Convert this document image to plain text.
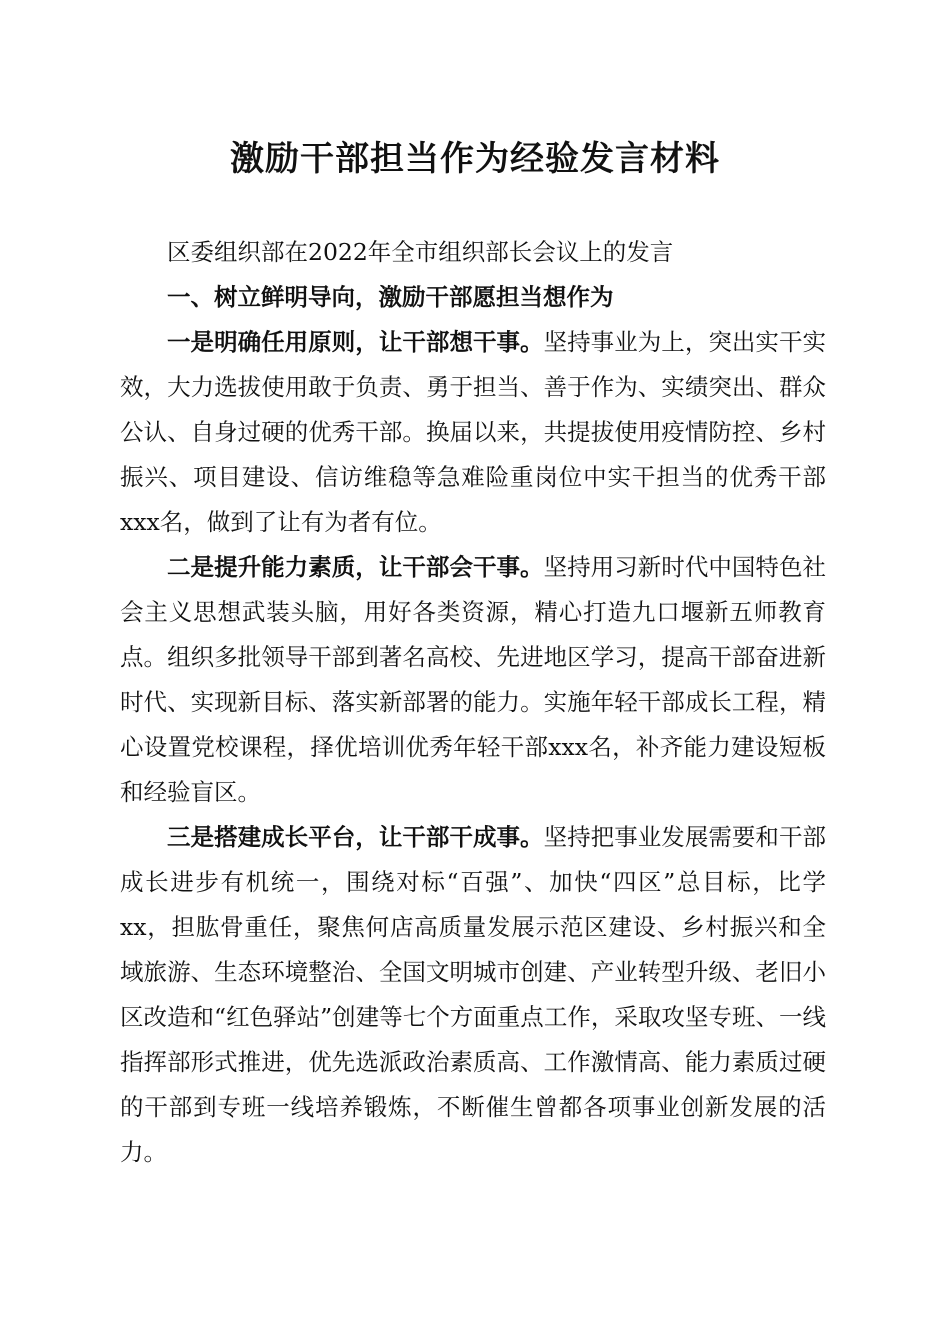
激励干部担当作为经验发言材料

区委组织部在2022年全市组织部长会议上的发言

一、树立鲜明导向，激励干部愿担当想作为

一是明确任用原则，让干部想干事。坚持事业为上，突出实干实效，大力选拔使用敢于负责、勇于担当、善于作为、实绩突出、群众公认、自身过硬的优秀干部。换届以来，共提拔使用疫情防控、乡村振兴、项目建设、信访维稳等急难险重岗位中实干担当的优秀干部xxx名，做到了让有为者有位。

二是提升能力素质，让干部会干事。坚持用习新时代中国特色社会主义思想武装头脑，用好各类资源，精心打造九口堰新五师教育点。组织多批领导干部到著名高校、先进地区学习，提高干部奋进新时代、实现新目标、落实新部署的能力。实施年轻干部成长工程，精心设置党校课程，择优培训优秀年轻干部xxx名，补齐能力建设短板和经验盲区。

三是搭建成长平台，让干部干成事。坚持把事业发展需要和干部成长进步有机统一，围绕对标“百强”、加快“四区”总目标，比学xx，担肱骨重任，聚焦何店高质量发展示范区建设、乡村振兴和全域旅游、生态环境整治、全国文明城市创建、产业转型升级、老旧小区改造和“红色驿站”创建等七个方面重点工作，采取攻坚专班、一线指挥部形式推进，优先选派政治素质高、工作激情高、能力素质过硬的干部到专班一线培养锻炼，不断催生曾都各项事业创新发展的活力。
